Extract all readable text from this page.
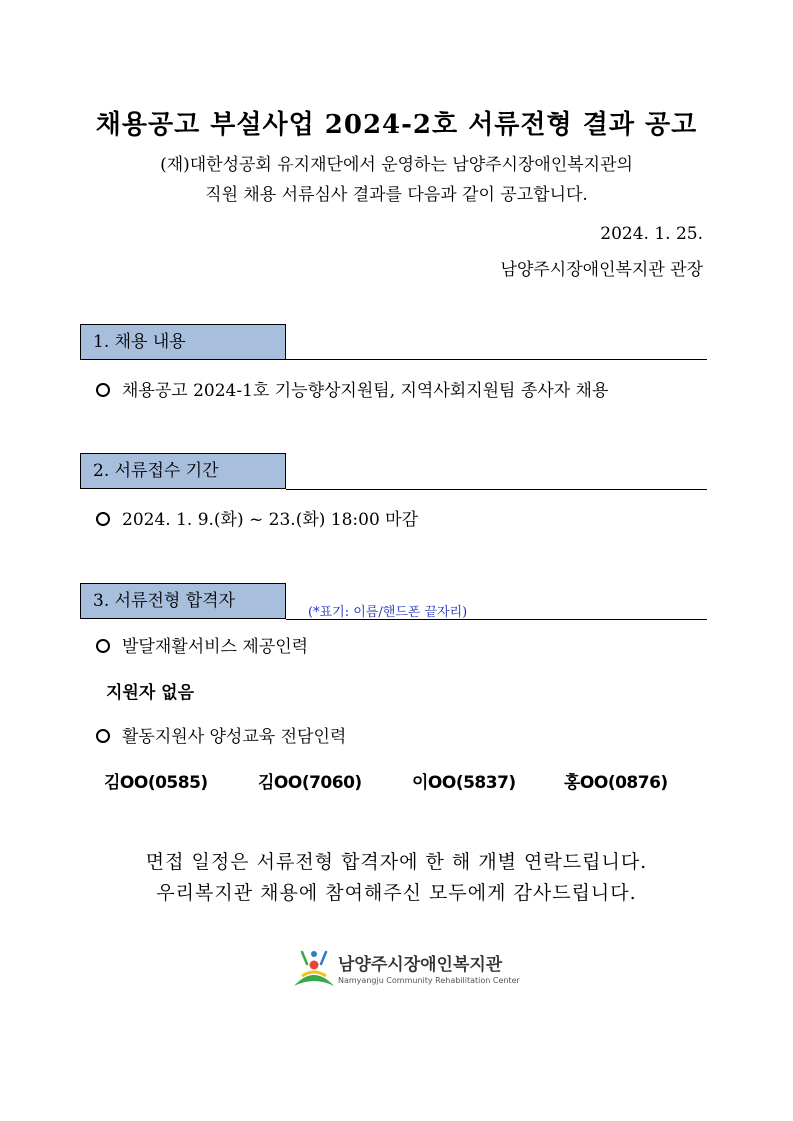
채용공고 부설사업 2024-2호 서류전형 결과 공고
(재)대한성공회 유지재단에서 운영하는 남양주시장애인복지관의
직원 채용 서류심사 결과를 다음과 같이 공고합니다.
2024. 1. 25.
남양주시장애인복지관 관장
1. 채용 내용
채용공고 2024-1호 기능향상지원팀, 지역사회지원팀 종사자 채용
2. 서류접수 기간
2024. 1. 9.(화) ~ 23.(화) 18:00 마감
3. 서류전형 합격자
(*표기: 이름/핸드폰 끝자리)
발달재활서비스 제공인력
지원자 없음
활동지원사 양성교육 전담인력
김OO(0585)	김OO(7060)	이OO(5837)	홍OO(0876)
면접 일정은 서류전형 합격자에 한 해 개별 연락드립니다.
우리복지관 채용에 참여해주신 모두에게 감사드립니다.
남양주시장애인복지관
Namyangju Community Rehabilitation Center
